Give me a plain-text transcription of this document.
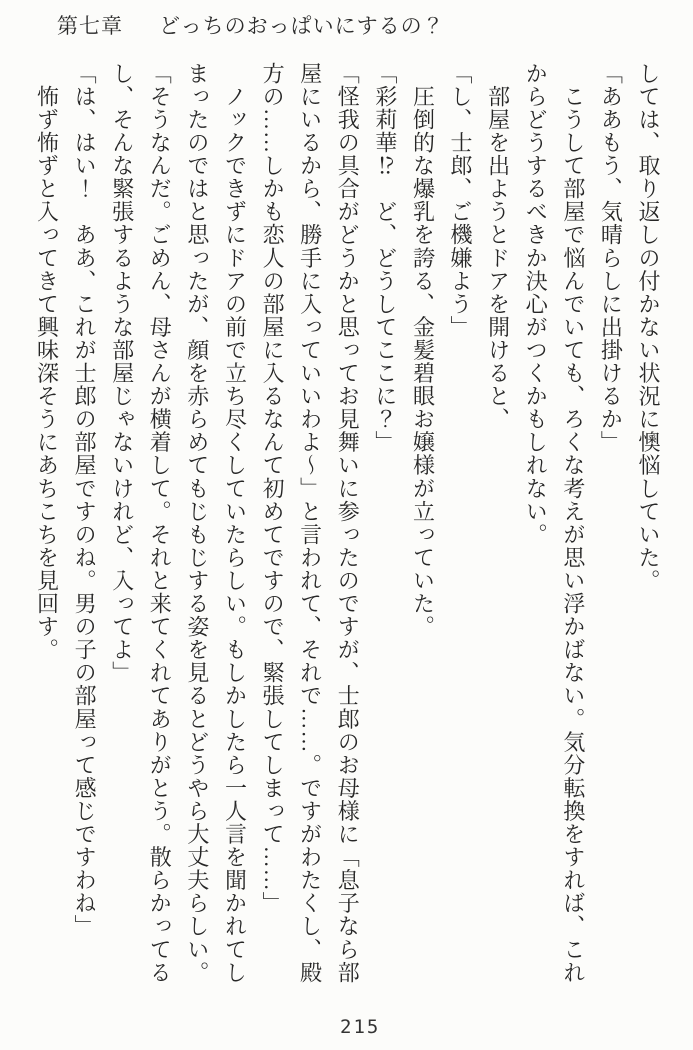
第七章 どっちのおっぱいにするの？
しては、取り返しの付かない状況に懊悩していた。
「ああもう、気晴らしに出掛けるか」
　こうして部屋で悩んでいても、ろくな考えが思い浮かばない。気分転換をすれば、これ
からどうするべきか決心がつくかもしれない。
　部屋を出ようとドアを開けると、
「し、士郎、ご機嫌よう」
　圧倒的な爆乳を誇る、金髪碧眼お嬢様が立っていた。
「彩莉華⁉　ど、どうしてここに？」
「怪我の具合がどうかと思ってお見舞いに参ったのですが、士郎のお母様に「息子なら部
屋にいるから、勝手に入っていいわよ～」と言われて、それで……。ですがわたくし、殿
方の……しかも恋人の部屋に入るなんて初めてですので、緊張してしまって……」
　ノックできずにドアの前で立ち尽くしていたらしい。もしかしたら一人言を聞かれてし
まったのではと思ったが、顔を赤らめてもじもじする姿を見るとどうやら大丈夫らしい。
「そうなんだ。ごめん、母さんが横着して。それと来てくれてありがとう。散らかってる
し、そんな緊張するような部屋じゃないけれど、入ってよ」
「は、はい！　ああ、これが士郎の部屋ですのね。男の子の部屋って感じですわね」
　怖ず怖ずと入ってきて興味深そうにあちこちを見回す。
215
